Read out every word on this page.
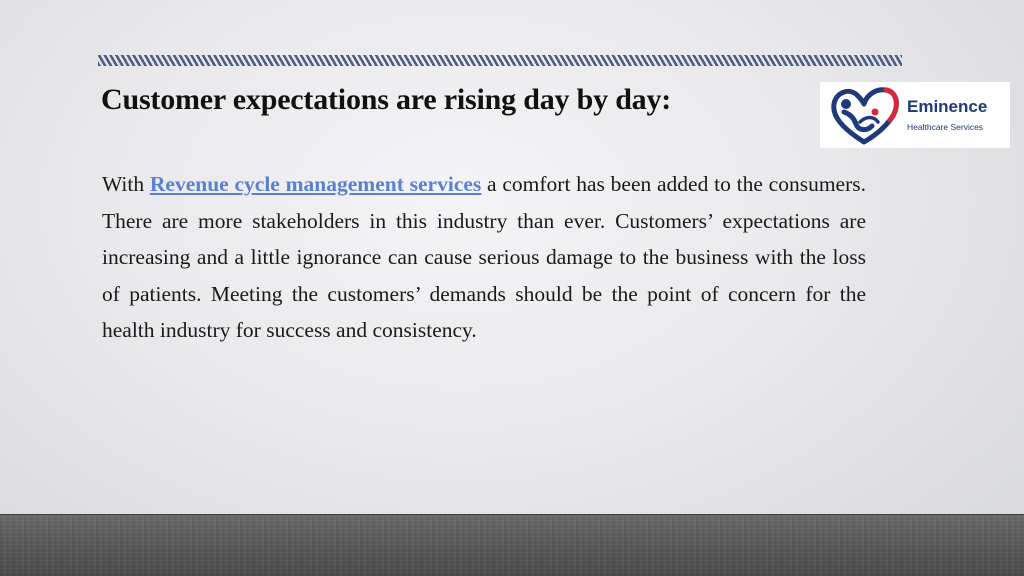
Customer expectations are rising day by day:	Eminence
Healthcare Services
With Revenue cycle management services a comfort has been added to the consumers. There are more stakeholders in this industry than ever. Customers’ expectations are increasing and a little ignorance can cause serious damage to the business with the loss of patients. Meeting the customers’ demands should be the point of concern for the health industry for success and consistency.
